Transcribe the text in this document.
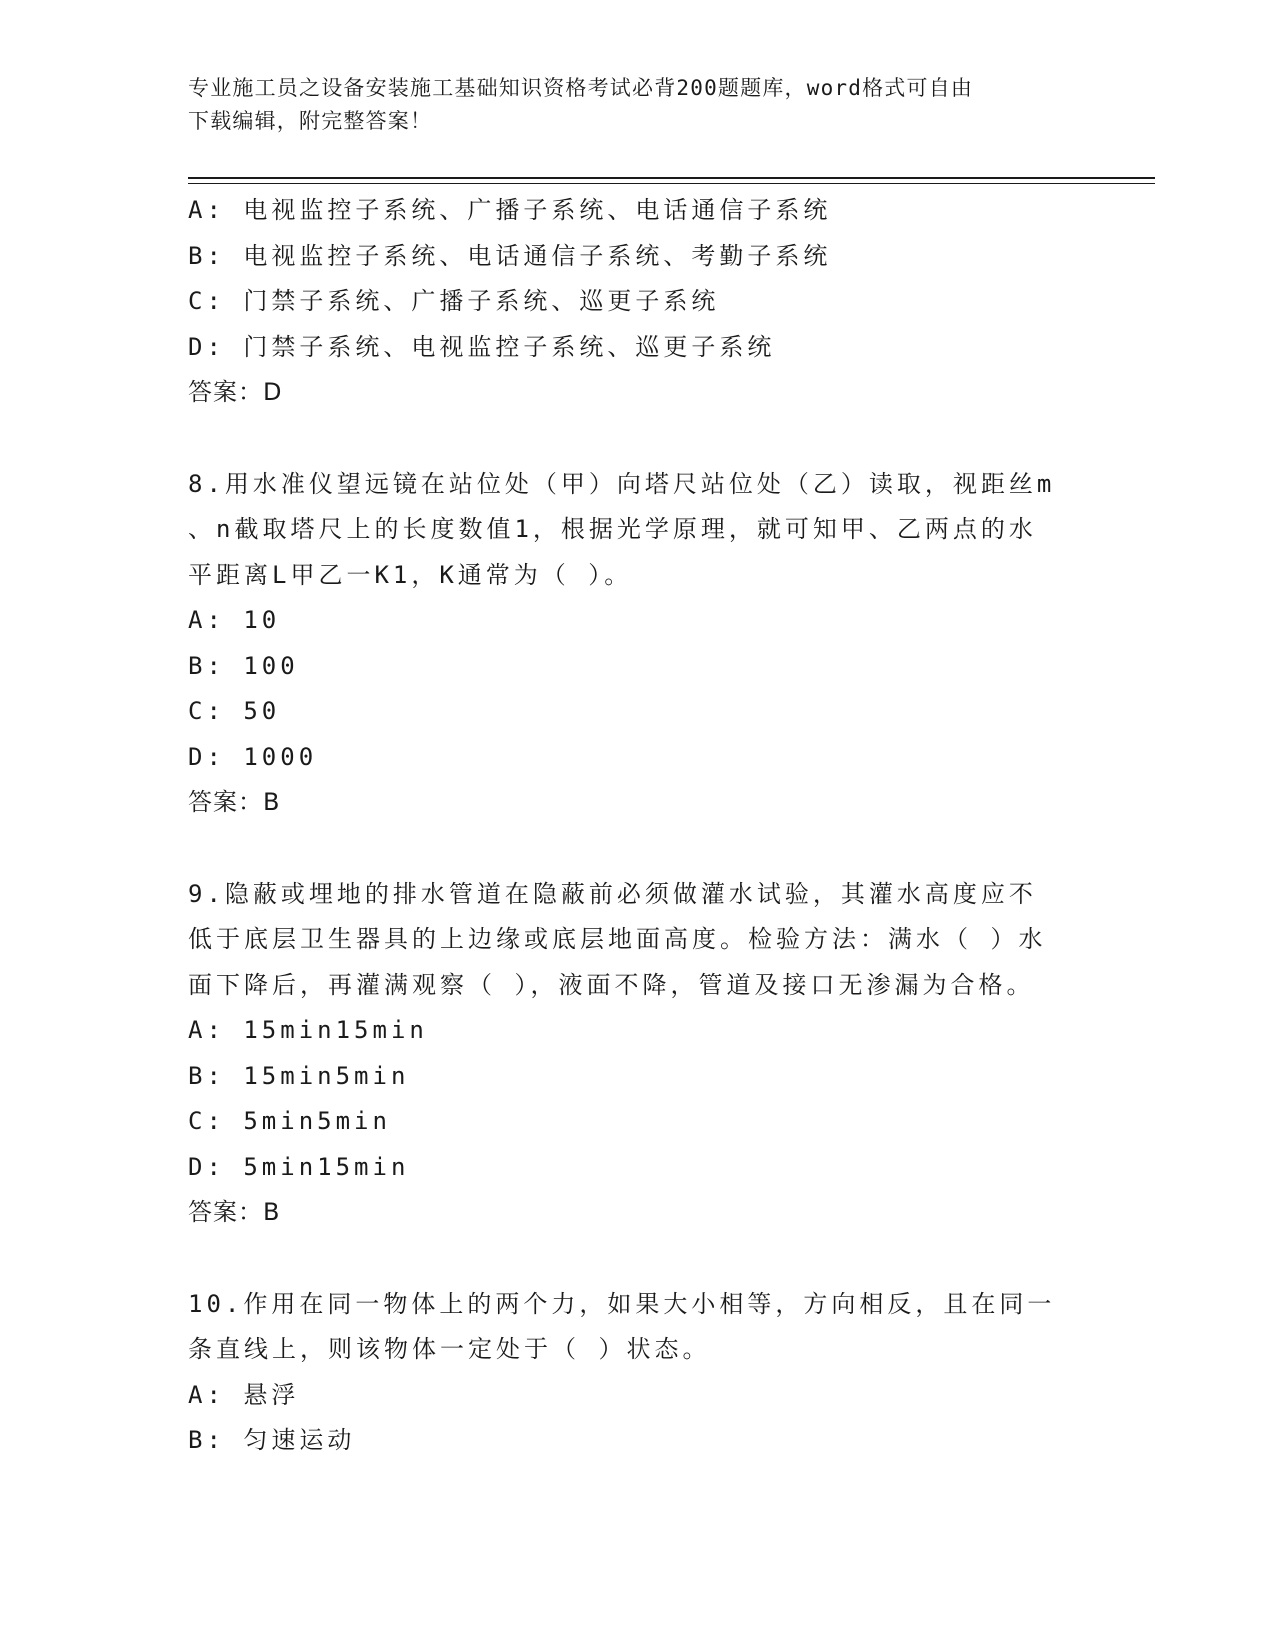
专业施工员之设备安装施工基础知识资格考试必背200题题库，word格式可自由
下载编辑，附完整答案！
A: 电视监控子系统、广播子系统、电话通信子系统
B: 电视监控子系统、电话通信子系统、考勤子系统
C: 门禁子系统、广播子系统、巡更子系统
D: 门禁子系统、电视监控子系统、巡更子系统
答案：D
8.用水准仪望远镜在站位处（甲）向塔尺站位处（乙）读取，视距丝m
、n截取塔尺上的长度数值1，根据光学原理，就可知甲、乙两点的水
平距离L甲乙一K1，K通常为（ ）。
A: 10
B: 100
C: 50
D: 1000
答案：B
9.隐蔽或埋地的排水管道在隐蔽前必须做灌水试验，其灌水高度应不
低于底层卫生器具的上边缘或底层地面高度。检验方法：满水（ ）水
面下降后，再灌满观察（ ），液面不降，管道及接口无渗漏为合格。
A: 15min15min
B: 15min5min
C: 5min5min
D: 5min15min
答案：B
10.作用在同一物体上的两个力，如果大小相等，方向相反，且在同一
条直线上，则该物体一定处于（ ）状态。
A: 悬浮
B: 匀速运动
